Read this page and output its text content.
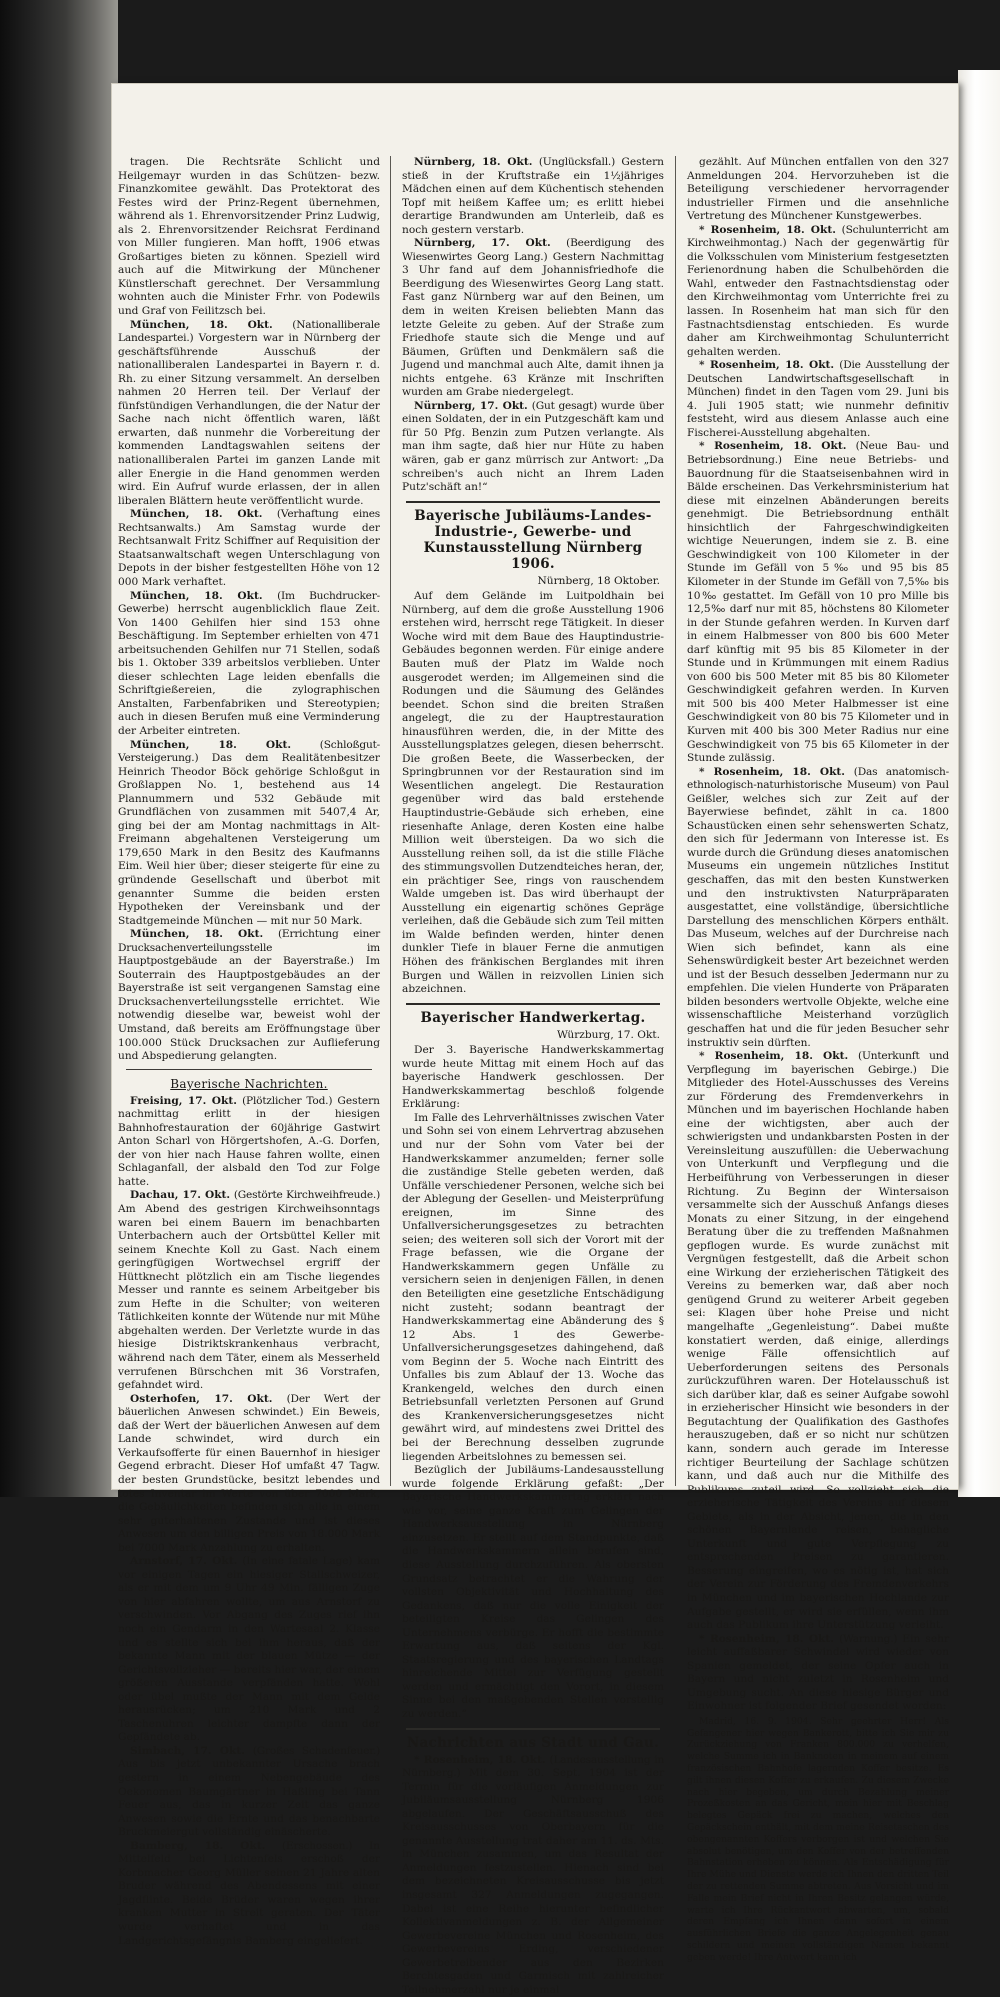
tragen. Die Rechtsräte Schlicht und Heilgemayr wurden in das Schützen- bezw. Finanzkomitee gewählt. Das Protektorat des Festes wird der Prinz-Regent übernehmen, während als 1. Ehrenvorsitzender Prinz Ludwig, als 2. Ehrenvorsitzender Reichsrat Ferdinand von Miller fungieren. Man hofft, 1906 etwas Großartiges bieten zu können. Speziell wird auch auf die Mitwirkung der Münchener Künstlerschaft gerechnet. Der Versammlung wohnten auch die Minister Frhr. von Podewils und Graf von Feilitzsch bei.

München, 18. Okt. (Nationalliberale Landespartei.) Vorgestern war in Nürnberg der geschäftsführende Ausschuß der nationalliberalen Landespartei in Bayern r. d. Rh. zu einer Sitzung versammelt. An derselben nahmen 20 Herren teil. Der Verlauf der fünfstündigen Verhandlungen, die der Natur der Sache nach nicht öffentlich waren, läßt erwarten, daß nunmehr die Vorbereitung der kommenden Landtagswahlen seitens der nationalliberalen Partei im ganzen Lande mit aller Energie in die Hand genommen werden wird. Ein Aufruf wurde erlassen, der in allen liberalen Blättern heute veröffentlicht wurde.

München, 18. Okt. (Verhaftung eines Rechtsanwalts.) Am Samstag wurde der Rechtsanwalt Fritz Schiffner auf Requisition der Staatsanwaltschaft wegen Unterschlagung von Depots in der bisher festgestellten Höhe von 12 000 Mark verhaftet.

München, 18. Okt. (Im Buchdrucker-Gewerbe) herrscht augenblicklich flaue Zeit. Von 1400 Gehilfen hier sind 153 ohne Beschäftigung. Im September erhielten von 471 arbeitsuchenden Gehilfen nur 71 Stellen, sodaß bis 1. Oktober 339 arbeitslos verblieben. Unter dieser schlechten Lage leiden ebenfalls die Schriftgießereien, die zylographischen Anstalten, Farbenfabriken und Stereotypien; auch in diesen Berufen muß eine Verminderung der Arbeiter eintreten.

München, 18. Okt.	(Schloßgut-Versteigerung.) Das dem Realitätenbesitzer Heinrich Theodor Böck gehörige Schloßgut in Großlappen No. 1, bestehend aus 14 Plannummern und 532 Gebäude mit Grundflächen von zusammen mit 5407,4 Ar, ging bei der am Montag nachmittags in Alt-Freimann abgehaltenen Versteigerung um 179,650 Mark in den Besitz des Kaufmanns Eim. Weil hier über; dieser steigerte für eine zu gründende Gesellschaft und überbot mit genannter Summe die beiden ersten Hypotheken der Vereinsbank und der Stadtgemeinde München — mit nur 50 Mark.

München, 18. Okt. (Errichtung einer Drucksachenverteilungsstelle im Hauptpostgebäude an der Bayerstraße.) Im Souterrain des Hauptpostgebäudes an der Bayerstraße ist seit vergangenen Samstag eine Drucksachenverteilungsstelle errichtet. Wie notwendig dieselbe war, beweist wohl der Umstand, daß bereits am Eröffnungstage über 100.000 Stück Drucksachen zur Auflieferung und Abspedierung gelangten.

Bayerische Nachrichten.

Freising, 17. Okt. (Plötzlicher Tod.) Gestern nachmittag erlitt in der hiesigen Bahnhofrestauration der 60jährige Gastwirt Anton Scharl von Hörgertshofen, A.-G. Dorfen, der von hier nach Hause fahren wollte, einen Schlaganfall, der alsbald den Tod zur Folge hatte.

Dachau, 17. Okt. (Gestörte Kirchweihfreude.) Am Abend des gestrigen Kirchweihsonntags waren bei einem Bauern im benachbarten Unterbachern auch der Ortsbüttel Keller mit seinem Knechte Koll zu Gast. Nach einem geringfügigen Wortwechsel ergriff der Hüttknecht plötzlich ein am Tische liegendes Messer und rannte es seinem Arbeitgeber bis zum Hefte in die Schulter; von weiteren Tätlichkeiten konnte der Wütende nur mit Mühe abgehalten werden. Der Verletzte wurde in das hiesige Distriktskrankenhaus verbracht, während nach dem Täter, einem als Messerheld verrufenen Bürschchen mit 36 Vorstrafen, gefahndet wird.

Osterhofen, 17. Okt. (Der Wert der bäuerlichen Anwesen schwindet.) Ein Beweis, daß der Wert der bäuerlichen Anwesen auf dem Lande schwindet, wird durch ein Verkaufsofferte für einen Bauernhof in hiesiger Gegend erbracht. Dieser Hof umfaßt 47 Tagw. der besten Grundstücke, besitzt lebendes und totes Inventar im Werte von über 7000 Mark, die Gebäulichkeiten befinden sich alle in einem sehr guterhaltenen Zustande und ist dieses Anwesen um den billigen Preis von 18.000 Mark bei 7000 Mark Anzahlung zu erhalten.

Arnstorf, 17. Okt. (In eine fatale Lage) kam vor einigen Tagen ein hiesiger Stallschweizer, als er mit dem um 9 Uhr 49 Min. fälligen Zuge von hier abfahren wollte, um aus Arnstorf zu verschwinden. Vor Abgang des Zuges rief ihn noch ein Gendarm in den Wartesaal 2. Klasse und es stellte sich bei ihm heraus, daß der bekannte Mann mit der blauen Mütze — der Gerichtsvollzieher — bereits hier war, der einem größeren Ausstande verpfänden hatte. Wohl oder übel mußte der Mann mit dem Gelde herausrücken; um 210 Mark und 2 Taschenuhren leichter dampfte dann der Gepfändete ab.

Simbach, 17. Okt. (Großes Schadenfeuer.) Aus bis jetzt unbekannter Ursache brach gestern in einem Nebengebäude des Oekonomen Baumgärtner in Haßling bei Tann Feuer aus, das in kurzer Zeit das ganze Anwesen sowie die Ernte und das benachbarte Bruckmeiergut vollständig einäscherte.

Bamberg, 18. Okt. (Erschossen.) In Mittelfeld bei Lichtenfels erschoß der Korbmacher Georg Müller seinen 21 Jahre alten Bruder während des Abendessens mit einer Jagdflinte. Beide Brüder waren wegen ihrer kranken Mutter in Streit geraten. Der Täter wurde verhaftet und in das Landgerichtsgefängnis Bamberg eingeliefert.

Nürnberg, 18. Okt. (Unglücksfall.) Gestern stieß in der Kruftstraße ein 1½jähriges Mädchen einen auf dem Küchentisch stehenden Topf mit heißem Kaffee um; es erlitt hiebei derartige Brandwunden am Unterleib, daß es noch gestern verstarb.

Nürnberg, 17. Okt. (Beerdigung des Wiesenwirtes Georg Lang.) Gestern Nachmittag 3 Uhr fand auf dem Johannisfriedhofe die Beerdigung des Wiesenwirtes Georg Lang statt. Fast ganz Nürnberg war auf den Beinen, um dem in weiten Kreisen beliebten Mann das letzte Geleite zu geben. Auf der Straße zum Friedhofe staute sich die Menge und auf Bäumen, Grüften und Denkmälern saß die Jugend und manchmal auch Alte, damit ihnen ja nichts entgehe. 63 Kränze mit Inschriften wurden am Grabe niedergelegt.

Nürnberg, 17. Okt. (Gut gesagt) wurde über einen Soldaten, der in ein Putzgeschäft kam und für 50 Pfg. Benzin zum Putzen verlangte. Als man ihm sagte, daß hier nur Hüte zu haben wären, gab er ganz mürrisch zur Antwort: „Da schreiben's auch nicht an Ihrem Laden Putz'schäft an!“

Bayerische Jubiläums-Landes-Industrie-, Gewerbe- und Kunstausstellung Nürnberg 1906.
Nürnberg, 18 Oktober.

Auf dem Gelände im Luitpoldhain bei Nürnberg, auf dem die große Ausstellung 1906 erstehen wird, herrscht rege Tätigkeit. In dieser Woche wird mit dem Baue des Hauptindustrie-Gebäudes begonnen werden. Für einige andere Bauten muß der Platz im Walde noch ausgerodet werden; im Allgemeinen sind die Rodungen und die Säumung des Geländes beendet. Schon sind die breiten Straßen angelegt, die zu der Hauptrestauration hinausführen werden, die, in der Mitte des Ausstellungsplatzes gelegen, diesen beherrscht. Die großen Beete, die Wasserbecken, der Springbrunnen vor der Restauration sind im Wesentlichen angelegt. Die Restauration gegenüber wird das bald erstehende Hauptindustrie-Gebäude sich erheben, eine riesenhafte Anlage, deren Kosten eine halbe Million weit übersteigen. Da wo sich die Ausstellung reihen soll, da ist die stille Fläche des stimmungsvollen Dutzendteiches heran, der, ein prächtiger See, rings von rauschendem Walde umgeben ist. Das wird überhaupt der Ausstellung ein eigenartig schönes Gepräge verleihen, daß die Gebäude sich zum Teil mitten im Walde befinden werden, hinter denen dunkler Tiefe in blauer Ferne die anmutigen Höhen des fränkischen Berglandes mit ihren Burgen und Wällen in reizvollen Linien sich abzeichnen.

Bayerischer Handwerkertag.
Würzburg, 17. Okt.

Der 3. Bayerische Handwerkskammertag wurde heute Mittag mit einem Hoch auf das bayerische Handwerk geschlossen. Der Handwerkskammertag beschloß folgende Erklärung:

Im Falle des Lehrverhältnisses zwischen Vater und Sohn sei von einem Lehrvertrag abzusehen und nur der Sohn vom Vater bei der Handwerkskammer anzumelden; ferner solle die zuständige Stelle gebeten werden, daß Unfälle verschiedener Personen, welche sich bei der Ablegung der Gesellen- und Meisterprüfung ereignen, im Sinne des Unfallversicherungsgesetzes zu betrachten seien; des weiteren soll sich der Vorort mit der Frage befassen, wie die Organe der Handwerkskammern gegen Unfälle zu versichern seien in denjenigen Fällen, in denen den Beteiligten eine gesetzliche Entschädigung nicht zusteht; sodann beantragt der Handwerkskammertag eine Abänderung des § 12 Abs. 1 des Gewerbe-Unfallversicherungsgesetzes dahingehend, daß vom Beginn der 5. Woche nach Eintritt des Unfalles bis zum Ablauf der 13. Woche das Krankengeld, welches den durch einen Betriebsunfall verletzten Personen auf Grund des Krankenversicherungsgesetzes nicht gewährt wird, auf mindestens zwei Drittel des bei der Berechnung desselben zugrunde liegenden Arbeitslohnes zu bemessen sei.

Bezüglich der Jubiläums-Landesausstellung wurde folgende Erklärung gefaßt: „Der Bayerische Handwerkskammertag erklärt nach wie vor, seine ganze Kraft zum Gelingen der Handwerksausstellung in Nürnberg einzusetzen. Er stellt auf dem Standpunkte, daß die Handwerkskammern allein berufen sind, diese Ausstellung durchzuführen. Als obersten Grundsatz betrachtet er die Wahrung der vollsten Objektivität und Hochhaltung des Gedankens, daß nur die volle Einigkeit der beteiligten Kreise das Gelingen des Unternehmens verbürge. Er hofft die bestimmte Erwartung aus, daß seitens der Kgl. Staatsregierung und des bayerischen Landtags hinreichende Mittel zur Verfügung gestellt werden und ermächtigt den Vorort, in diesem Sinne bei den maßgebenden Stellen vorstellig zu werden.“

Nachrichten aus Stadt und Gau.

* Rosenheim, 18. Okt. (Landesausstellung in Nürnberg.) Mit dem 30. Sept. 1904 ist der Termin für die vorläufigen Anmeldungen zur Jubiläumsausstellung Nürnberg 1906 abgelaufen. Der Geschäftsausschuß des Kreisausschusses von Oberbayern für die genannte Ausstellung trat daher am 11. ds. Mts. in München zusammen, um das Resultat der Anmeldungen festzustellen. Hienach sind bei dem bezeichneten Kreisausschusse bis jetzt insgesamt 327 Anmeldungen zugegangen. Dabei ist eine Reihe hierunter befindlicher Kollektivanmeldungen z. B. der Allgemeiner Gewerbevereine München und Rosenheim, des Gewerbevereins Erding, verschiedener Gewerbetreibender aus den Bezirken Berchtesgaden und Garmisch mit zahlreicher Teilnehmerzahl nur je einmal

gezählt. Auf München entfallen von den 327 Anmeldungen 204. Hervorzuheben ist die Beteiligung verschiedener hervorragender industrieller Firmen und die ansehnliche Vertretung des Münchener Kunstgewerbes.

* Rosenheim, 18. Okt. (Schulunterricht am Kirchweihmontag.) Nach der gegenwärtig für die Volksschulen vom Ministerium festgesetzten Ferienordnung haben die Schulbehörden die Wahl, entweder den Fastnachtsdienstag oder den Kirchweihmontag vom Unterrichte frei zu lassen. In Rosenheim hat man sich für den Fastnachtsdienstag entschieden. Es wurde daher am Kirchweihmontag Schulunterricht gehalten werden.

* Rosenheim, 18. Okt. (Die Ausstellung der Deutschen Landwirtschaftsgesellschaft in München) findet in den Tagen vom 29. Juni bis 4. Juli 1905 statt; wie nunmehr definitiv feststeht, wird aus diesem Anlasse auch eine Fischerei-Ausstellung abgehalten.

* Rosenheim, 18. Okt. (Neue Bau- und Betriebsordnung.) Eine neue Betriebs- und Bauordnung für die Staatseisenbahnen wird in Bälde erscheinen. Das Verkehrsministerium hat diese mit einzelnen Abänderungen bereits genehmigt. Die Betriebsordnung enthält hinsichtlich der Fahrgeschwindigkeiten wichtige Neuerungen, indem sie z. B. eine Geschwindigkeit von 100 Kilometer in der Stunde im Gefäll von 5‰ und 95 bis 85 Kilometer in der Stunde im Gefäll von 7,5‰ bis 10‰ gestattet. Im Gefäll von 10 pro Mille bis 12,5‰ darf nur mit 85, höchstens 80 Kilometer in der Stunde gefahren werden. In Kurven darf in einem Halbmesser von 800 bis 600 Meter darf künftig mit 95 bis 85 Kilometer in der Stunde und in Krümmungen mit einem Radius von 600 bis 500 Meter mit 85 bis 80 Kilometer Geschwindigkeit gefahren werden. In Kurven mit 500 bis 400 Meter Halbmesser ist eine Geschwindigkeit von 80 bis 75 Kilometer und in Kurven mit 400 bis 300 Meter Radius nur eine Geschwindigkeit von 75 bis 65 Kilometer in der Stunde zulässig.

* Rosenheim, 18. Okt. (Das anatomisch-ethnologisch-naturhistorische Museum) von Paul Geißler, welches sich zur Zeit auf der Bayerwiese befindet, zählt in ca. 1800 Schaustücken einen sehr sehenswerten Schatz, den sich für Jedermann von Interesse ist. Es wurde durch die Gründung dieses anatomischen Museums ein ungemein nützliches Institut geschaffen, das mit den besten Kunstwerken und den instruktivsten Naturpräparaten ausgestattet, eine vollständige, übersichtliche Darstellung des menschlichen Körpers enthält. Das Museum, welches auf der Durchreise nach Wien sich befindet, kann als eine Sehenswürdigkeit bester Art bezeichnet werden und ist der Besuch desselben Jedermann nur zu empfehlen. Die vielen Hunderte von Präparaten bilden besonders wertvolle Objekte, welche eine wissenschaftliche Meisterhand vorzüglich geschaffen hat und die für jeden Besucher sehr instruktiv sein dürften.

* Rosenheim, 18. Okt. (Unterkunft und Verpflegung im bayerischen Gebirge.) Die Mitglieder des Hotel-Ausschusses des Vereins zur Förderung des Fremdenverkehrs in München und im bayerischen Hochlande haben eine der wichtigsten, aber auch der schwierigsten und undankbarsten Posten in der Vereinsleitung auszufüllen: die Ueberwachung von Unterkunft und Verpflegung und die Herbeiführung von Verbesserungen in dieser Richtung. Zu Beginn der Wintersaison versammelte sich der Ausschuß Anfangs dieses Monats zu einer Sitzung, in der eingehend Beratung über die zu treffenden Maßnahmen gepflogen wurde. Es wurde zunächst mit Vergnügen festgestellt, daß die Arbeit schon eine Wirkung der erzieherischen Tätigkeit des Vereins zu bemerken war, daß aber noch genügend Grund zu weiterer Arbeit gegeben sei: Klagen über hohe Preise und nicht mangelhafte „Gegenleistung“. Dabei mußte konstatiert werden, daß einige, allerdings wenige Fälle offensichtlich auf Ueberforderungen seitens des Personals zurückzuführen waren. Der Hotelausschuß ist sich darüber klar, daß es seiner Aufgabe sowohl in erzieherischer Hinsicht wie besonders in der Begutachtung der Qualifikation des Gasthofes herauszugeben, daß er so nicht nur schützen kann, sondern auch gerade im Interesse richtiger Beurteilung der Sachlage schützen kann, und daß auch nur die Mithilfe des Publikums zuteil wird. So vollzieht sich die erzieherische Tätigkeit des Vereins auf diesem Gebiete, als in der Absicht, jenen, die in den schönen Bayernlande reisen, behagliche Unterkunft und gute Verpflegung zu entsprechenden Preisen zu garantieren. Besserung eingreifen, wo es nötig ist, hat sich der Verein zur Förderung des Fremdenverkehrs in München und im bayerischen Hochlande zur Aufgabe gestellt, er wird sie erfüllen, wenn ihm auch das Publikum ihre Unterstützung verleiht.

* Rosenheim, 18. Okt. (Warnung.) Ein sehr leicht auffaßbarer Schwindel wird wieder von Spanien gemeldet, der seine Opfer auch in Bayern und nicht zuletzt in Rosenheim und Umgebung sucht. An diese hiesige Bürger und Einwohner ist folgender Brief gesendet worden:

Madrid, 16. 9. 1904. Sehr geehrter Herr! Als Gefangener hier wegen Bankerott, bitte ich Sie mir zu Zurückziehung von Franken 800.000 zu verhelfen, welche Summe ich in Banknoten in meinem auf einem französischen Bahnhofe lagernden Koffer besitze. Es gilt ihnen diesen Koffer zu erkaufen. Zu diesem Zwecke nach hier begeben, um durch Bezahlung meiner Prozeßkosten an das Gericht, mein hier mit Beschlag belegtes Gepäck frei zu machen, welches den Gepäckschein enthält, mit dem meine Reisetaschen des obengenannten Koffers verborgen ist und welchen Sie absolut benötigen, um den Koffer von der betreffenden Bahnstation erheben zu können. Als Entschädigung für Ihre Mühe und Dienste werde ich Ihnen den dritten Teil der zu rettenden Summe abtreten. Aus Vorsicht und im Falle mein Brief nicht in Ihren Besitz gelangen würde, warte ich Ihre Rückantwort abwarten, um, sobald deren Empfang ich Ihnen dann sofort in einem ausführlichen Briefe die ganze Angelegenheit genau schildern und meinen vollständigen Namen bekannt geben werde! Ihre Antwort kann ich
